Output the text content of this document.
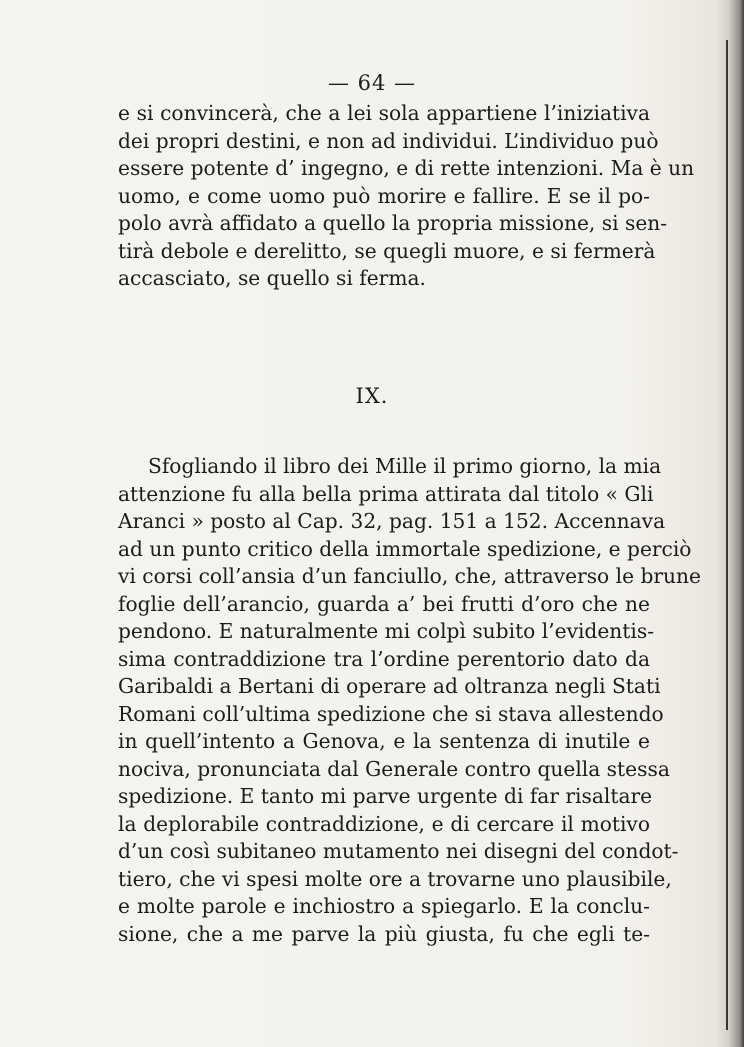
— 64 —
e si convincerà, che a lei sola appartiene l’iniziativa
dei propri destini, e non ad individui. L’individuo può
essere potente d’ ingegno, e di rette intenzioni. Ma è un
uomo, e come uomo può morire e fallire. E se il po-
polo avrà affidato a quello la propria missione, si sen-
tirà debole e derelitto, se quegli muore, e si fermerà
accasciato, se quello si ferma.
IX.
Sfogliando il libro dei Mille il primo giorno, la mia
attenzione fu alla bella prima attirata dal titolo « Gli
Aranci » posto al Cap. 32, pag. 151 a 152. Accennava
ad un punto critico della immortale spedizione, e perciò
vi corsi coll’ansia d’un fanciullo, che, attraverso le brune
foglie dell’arancio, guarda a’ bei frutti d’oro che ne
pendono. E naturalmente mi colpì subito l’evidentis-
sima contraddizione tra l’ordine perentorio dato da
Garibaldi a Bertani di operare ad oltranza negli Stati
Romani coll’ultima spedizione che si stava allestendo
in quell’intento a Genova, e la sentenza di inutile e
nociva, pronunciata dal Generale contro quella stessa
spedizione. E tanto mi parve urgente di far risaltare
la deplorabile contraddizione, e di cercare il motivo
d’un così subitaneo mutamento nei disegni del condot-
tiero, che vi spesi molte ore a trovarne uno plausibile,
e molte parole e inchiostro a spiegarlo. E la conclu-
sione, che a me parve la più giusta, fu che egli te-
